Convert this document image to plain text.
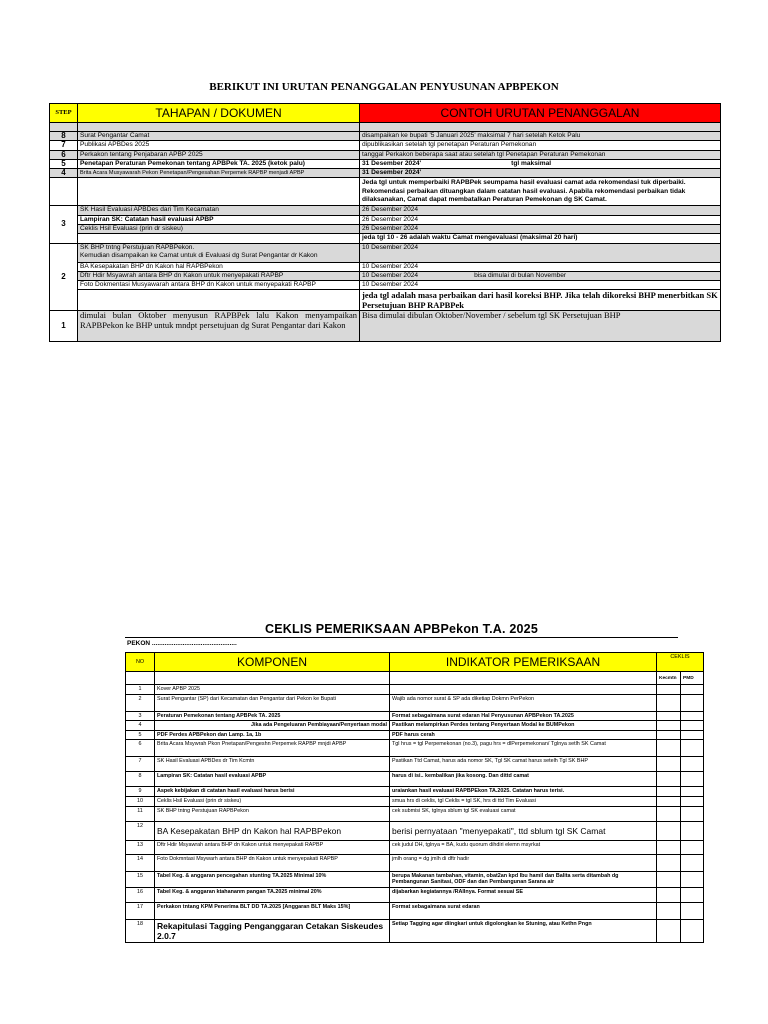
BERIKUT INI URUTAN PENANGGALAN PENYUSUNAN APBPEKON
STEP	TAHAPAN / DOKUMEN	CONTOH URUTAN PENANGGALAN

8	Surat Pengantar Camat	disampaikan ke bupati '5 Januari 2025' maksimal 7 hari setelah Ketok Palu
7	Publikasi APBDes 2025	dipublikasikan setelah tgl penetapan Peraturan Pemekonan
6	Perkakon tentang Penjabaran APBP 2025	tanggal Perkakon beberapa saat atau setelah tgl Penetapan Peraturan Pemekonan
5	Penetapan Peraturan Pemekonan tentang APBPek TA. 2025 (ketok palu)	31 Desember 2024' tgl maksimal
4	Brita Acara Musyawarah Pekon Penetapan/Pengesahan Perpemek RAPBP menjadi APBP	31 Desember 2024'
		Jeda tgl untuk memperbaiki RAPBPek seumpama hasil evaluasi camat ada rekomendasi tuk diperbaiki. Rekomendasi perbaikan dituangkan dalam catatan hasil evaluasi. Apabila rekomendasi perbaikan tidak dilaksanakan, Camat dapat membatalkan Peraturan Pemekonan dg SK Camat.
3	SK Hasil Evaluasi APBDes dari Tim Kecamatan	26 Desember 2024
	Lampiran SK: Catatan hasil evaluasi APBP	26 Desember 2024
	Ceklis Hsil Evaluasi (prin dr siskeu)	26 Desember 2024
		jeda tgl 10 - 26 adalah waktu Camat mengevaluasi (maksimal 20 hari)
2	SK BHP tntng Perstujuan RAPBPekon.
Kemudian disampaikan ke Camat untuk di Evaluasi dg Surat Pengantar dr Kakon	10 Desember 2024
	BA Kesepakatan BHP dn Kakon hal RAPBPekon	10 Desember 2024
	Dftr Hdir Msyawrah antara BHP dn Kakon untuk menyepakati RAPBP	10 Desember 2024 bisa dimulai di bulan November
	Foto Dokmentasi Musyawarah antara BHP dn Kakon untuk menyepakati RAPBP	10 Desember 2024
		jeda tgl adalah masa perbaikan dari hasil koreksi BHP. Jika telah dikoreksi BHP menerbitkan SK Persetujuan BHP RAPBPek
1	dimulai bulan Oktober menyusun RAPBPek lalu Kakon menyampaikan RAPBPekon ke BHP untuk mndpt persetujuan dg Surat Pengantar dari Kakon	Bisa dimulai dibulan Oktober/November / sebelum tgl SK Persetujuan BHP
CEKLIS PEMERIKSAAN APBPekon T.A. 2025
PEKON ...............................................
NO	KOMPONEN	INDIKATOR PEMERIKSAAN	CEKLIS	
			Kecmtn	PMD
1	Kover APBP 2025			
2	Surat Pengantar (SP) dari Kecamatan dan Pengantar dari Pekon ke Bupati	Wajib ada nomor surat & SP ada diketiap Dokmn PerPekon		
3	Peraturan Pemekonan tentang APBPek TA. 2025	Format sebagaimana surat edaran Hal Penyusunan APBPekon TA.2025		
4	Jika ada Pengeluaran Pembiayaan/Penyertaan modal	Pastikan melampirkan Perdes tentang Penyertaan Modal ke BUMPekon		
5	PDF Perdes APBPekon dan Lamp. 1a, 1b	PDF harus cerah		
6	Brita Acara Msywrah Pkon Pnetapan/Pengeshn Perpemek RAPBP mnjdi APBP	Tgl hrus = tgl Perpemekonan (no.3), pagu hrs = dlPerpemekonan/ Tglnya setlh SK Camat		
7	SK Hasil Evaluasi APBDes dr Tim Kcmtn	Pastikan Ttd Camat, harus ada nomor SK, Tgl SK camat harus setelh Tgl SK BHP		
8	Lampiran SK: Catatan hasil evaluasi APBP	harus di isi.. kembalikan jika kosong. Dan dittd camat		
9	Aspek kebijakan di catatan hasil evaluasi harus berisi	uraiankan hasil evaluasi RAPBPEkon TA.2025. Catatan harus terisi.		
10	Ceklis Hsil Evaluasi (prin dr siskeu)	smua hrs di ceklis, tgl Ceklis = tgl SK, hrs di ttd Tim Evaluasi		
11	SK BHP tntng Perstujuan RAPBPekon	cek submisi SK, tglnya sblum tgl SK evaluasi camat		
12	BA Kesepakatan BHP dn Kakon hal RAPBPekon	berisi pernyataan "menyepakati", ttd sblum tgl SK Camat		
13	Dftr Hdir Msyawrah antara BHP dn Kakon untuk menyepakati RAPBP	cek judul DH, tglnya = BA, kudu quorum dihdiri elemn msyrkat		
14	Foto Dokmntasi Msywarh antara BHP dn Kakon untuk menyepakati RAPBP	jmlh orang = dg jmlh di dftr hadir		
15	Tabel Keg. & anggaran pencegahan stunting TA.2025 Minimal 10%	berupa Makanan tambahan, vitamin, obat2an kpd Ibu hamil dan Balita serta ditambah dg Pembangunan Sanitasi, ODF dan dan Pembangunan Sarana air		
16	Tabel Keg. & anggaran ktahananm pangan TA.2025 minimal 20%	dijabarkan kegiatannya /RAlInya. Format sesuai SE		
17	Perkakon tntang KPM Penerima BLT DD TA.2025 [Anggaran BLT Maks 15%]	Format sebagaimana surat edaran		
18	Rekapitulasi Tagging Penganggaran Cetakan Siskeudes 2.0.7	Setiap Tagging agar diingkari untuk digolongkan ke Stuning, atau Kethn Pngn		
